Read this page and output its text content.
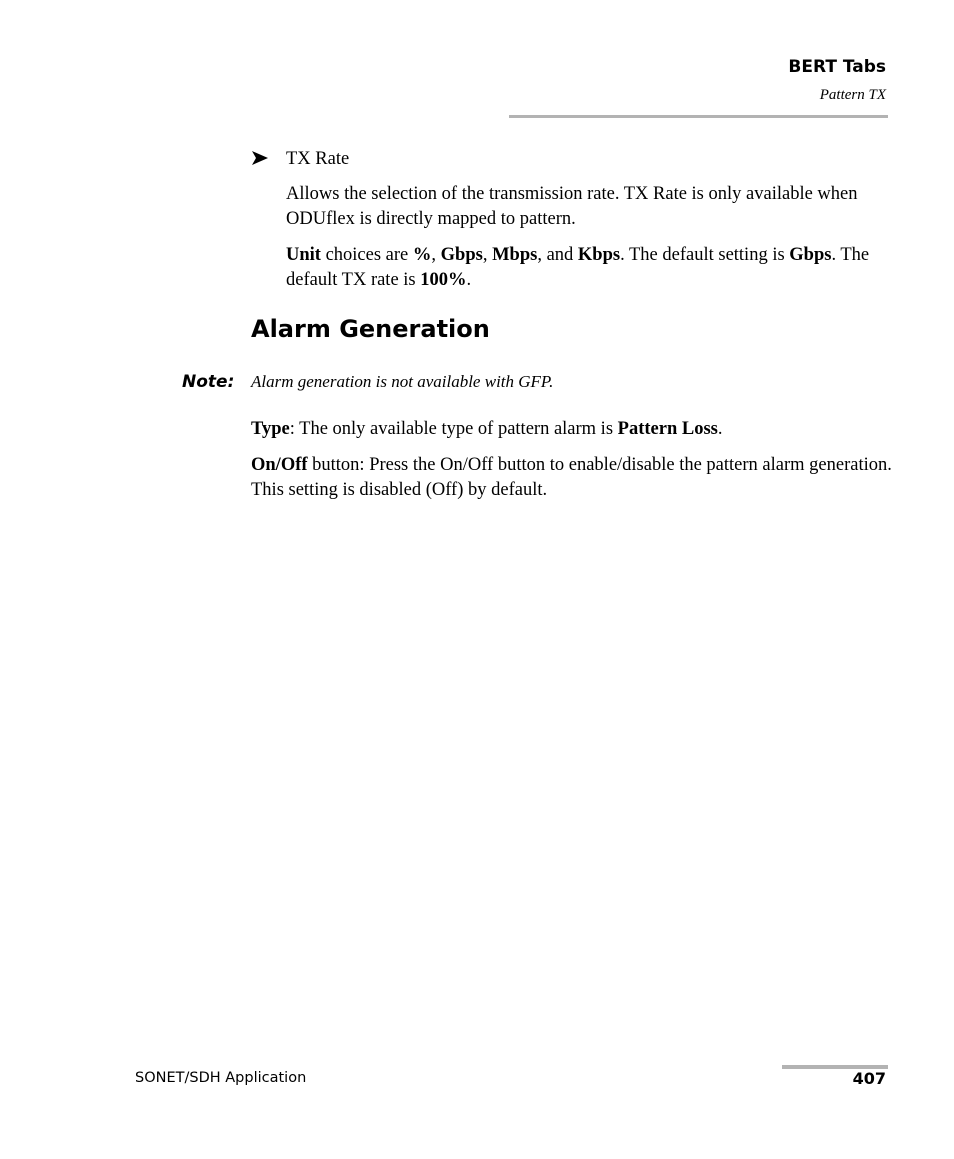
BERT Tabs
Pattern TX
TX Rate

Allows the selection of the transmission rate. TX Rate is only available when ODUflex is directly mapped to pattern.

Unit choices are %, Gbps, Mbps, and Kbps. The default setting is Gbps. The default TX rate is 100%.

Alarm Generation
Note: Alarm generation is not available with GFP.

Type: The only available type of pattern alarm is Pattern Loss.

On/Off button: Press the On/Off button to enable/disable the pattern alarm generation. This setting is disabled (Off) by default.

SONET/SDH Application	407
